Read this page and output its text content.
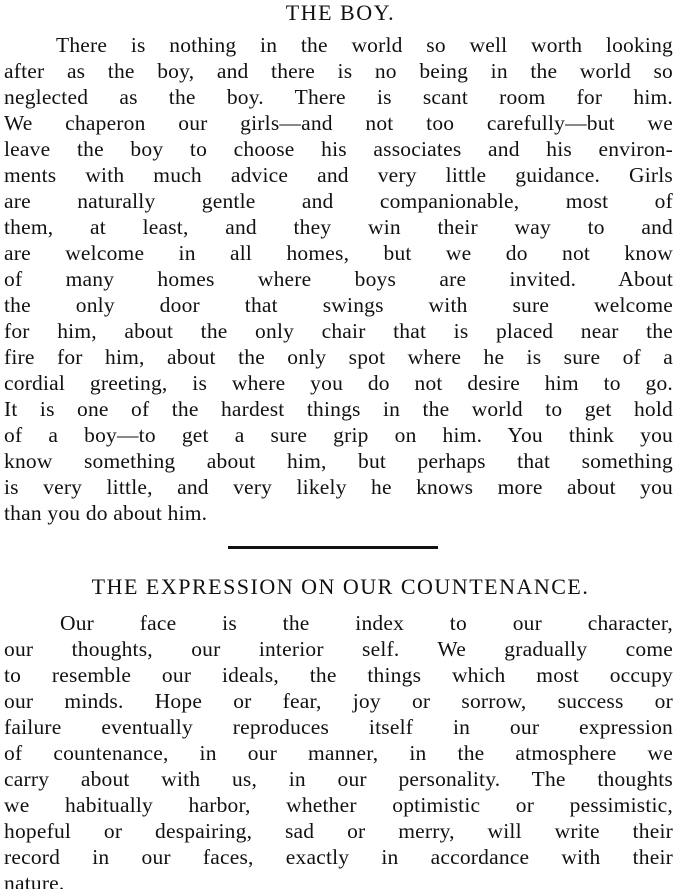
THE BOY.
There is nothing in the world so well worth looking
after as the boy, and there is no being in the world so
neglected as the boy. There is scant room for him.
We chaperon our girls—and not too carefully—but we
leave the boy to choose his associates and his environ-
ments with much advice and very little guidance. Girls
are naturally gentle and companionable, most of
them, at least, and they win their way to and
are welcome in all homes, but we do not know
of many homes where boys are invited. About
the only door that swings with sure welcome
for him, about the only chair that is placed near the
fire for him, about the only spot where he is sure of a
cordial greeting, is where you do not desire him to go.
It is one of the hardest things in the world to get hold
of a boy—to get a sure grip on him. You think you
know something about him, but perhaps that something
is very little, and very likely he knows more about you
than you do about him.
THE EXPRESSION ON OUR COUNTENANCE.
Our face is the index to our character,
our thoughts, our interior self. We gradually come
to resemble our ideals, the things which most occupy
our minds. Hope or fear, joy or sorrow, success or
failure eventually reproduces itself in our expression
of countenance, in our manner, in the atmosphere we
carry about with us, in our personality. The thoughts
we habitually harbor, whether optimistic or pessimistic,
hopeful or despairing, sad or merry, will write their
record in our faces, exactly in accordance with their
nature.
